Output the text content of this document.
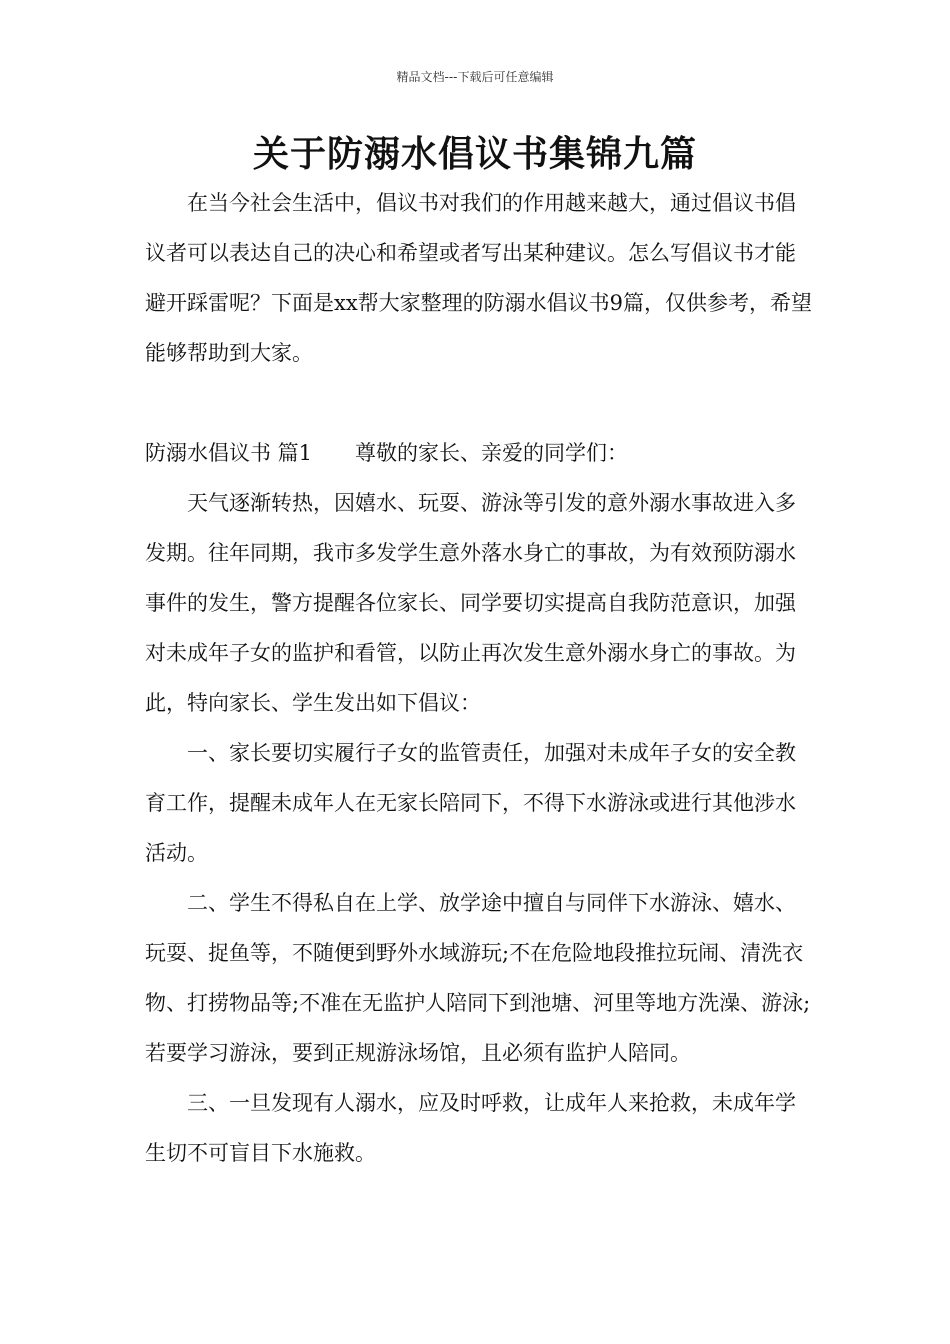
精品文档---下载后可任意编辑
关于防溺水倡议书集锦九篇

在当今社会生活中，倡议书对我们的作用越来越大，通过倡议书倡议者可以表达自己的决心和希望或者写出某种建议。怎么写倡议书才能避开踩雷呢？下面是xx帮大家整理的防溺水倡议书9篇，仅供参考，希望能够帮助到大家。

防溺水倡议书 篇1	尊敬的家长、亲爱的同学们：

天气逐渐转热，因嬉水、玩耍、游泳等引发的意外溺水事故进入多发期。往年同期，我市多发学生意外落水身亡的事故，为有效预防溺水事件的发生，警方提醒各位家长、同学要切实提高自我防范意识，加强对未成年子女的监护和看管，以防止再次发生意外溺水身亡的事故。为此，特向家长、学生发出如下倡议：

一、家长要切实履行子女的监管责任，加强对未成年子女的安全教育工作，提醒未成年人在无家长陪同下，不得下水游泳或进行其他涉水活动。

二、学生不得私自在上学、放学途中擅自与同伴下水游泳、嬉水、玩耍、捉鱼等，不随便到野外水域游玩;不在危险地段推拉玩闹、清洗衣物、打捞物品等;不准在无监护人陪同下到池塘、河里等地方洗澡、游泳;若要学习游泳，要到正规游泳场馆，且必须有监护人陪同。

三、一旦发现有人溺水，应及时呼救，让成年人来抢救，未成年学生切不可盲目下水施救。
